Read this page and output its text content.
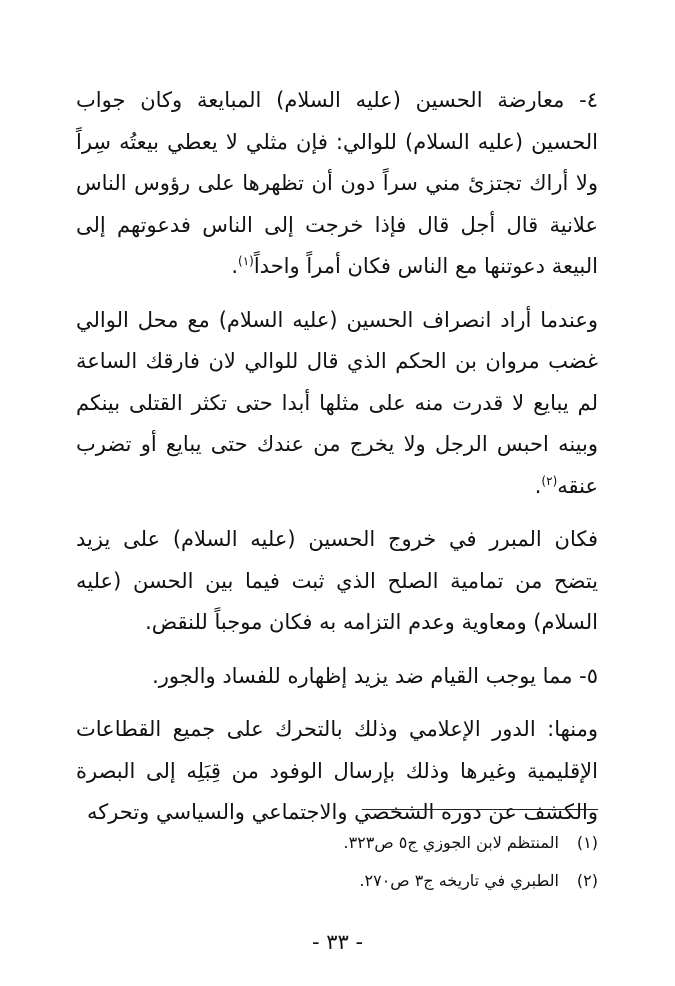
٤- معارضة الحسين (عليه السلام) المبايعة وكان جواب الحسين (عليه السلام) للوالي: فإن مثلي لا يعطي بيعتُه سِراً ولا أراك تجتزئ مني سراً دون أن تظهرها على رؤوس الناس علانية قال أجل قال فإذا خرجت إلى الناس فدعوتهم إلى البيعة دعوتنها مع الناس فكان أمراً واحداً$^{(١)}$.

وعندما أراد انصراف الحسين (عليه السلام) مع محل الوالي غضب مروان بن الحكم الذي قال للوالي لان فارقك الساعة لم يبايع لا قدرت منه على مثلها أبدا حتى تكثر القتلى بينكم وبينه احبس الرجل ولا يخرج من عندك حتى يبايع أو تضرب عنقه$^{(٢)}$.

فكان المبرر في خروج الحسين (عليه السلام) على يزيد يتضح من تمامية الصلح الذي ثبت فيما بين الحسن (عليه السلام) ومعاوية وعدم التزامه به فكان موجباً للنقض.

٥- مما يوجب القيام ضد يزيد إظهاره للفساد والجور.

ومنها: الدور الإعلامي وذلك بالتحرك على جميع القطاعات الإقليمية وغيرها وذلك بإرسال الوفود من قِبَلِه إلى البصرة والكشف عن دوره الشخصي والاجتماعي والسياسي وتحركه

(١) المنتظم لابن الجوزي ج٥ ص٣٢٣.
(٢) الطبري في تاريخه ج٣ ص٢٧٠.
- ٣٣ -
